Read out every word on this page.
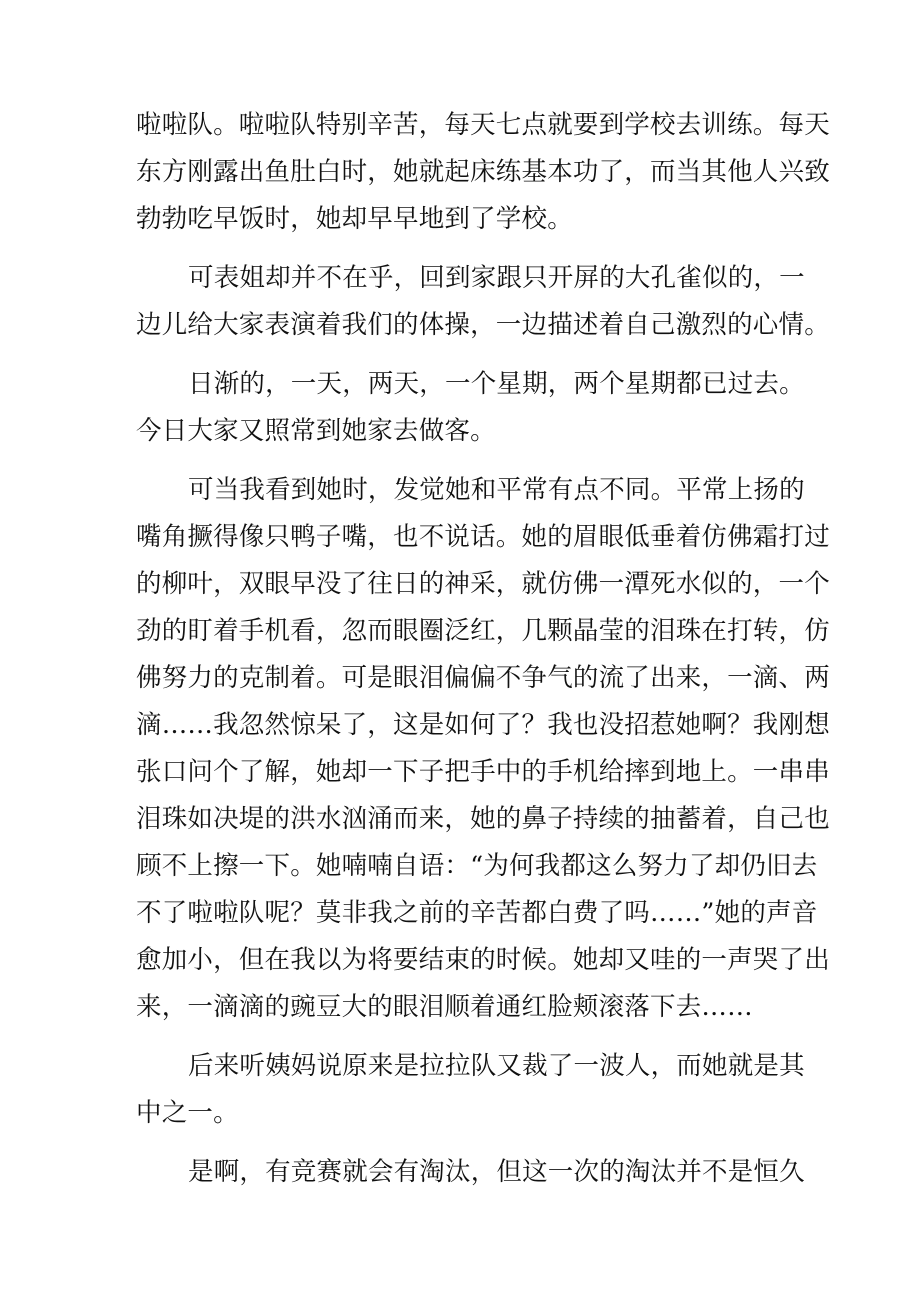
啦啦队。啦啦队特别辛苦，每天七点就要到学校去训练。每天
东方刚露出鱼肚白时，她就起床练基本功了，而当其他人兴致
勃勃吃早饭时，她却早早地到了学校。
可表姐却并不在乎，回到家跟只开屏的大孔雀似的，一
边儿给大家表演着我们的体操，一边描述着自己激烈的心情。
日渐的，一天，两天，一个星期，两个星期都已过去。
今日大家又照常到她家去做客。
可当我看到她时，发觉她和平常有点不同。平常上扬的
嘴角撅得像只鸭子嘴，也不说话。她的眉眼低垂着仿佛霜打过
的柳叶，双眼早没了往日的神采，就仿佛一潭死水似的，一个
劲的盯着手机看，忽而眼圈泛红，几颗晶莹的泪珠在打转，仿
佛努力的克制着。可是眼泪偏偏不争气的流了出来，一滴、两
滴……我忽然惊呆了，这是如何了？我也没招惹她啊？我刚想
张口问个了解，她却一下子把手中的手机给摔到地上。一串串
泪珠如决堤的洪水汹涌而来，她的鼻子持续的抽蓄着，自己也
顾不上擦一下。她喃喃自语：“为何我都这么努力了却仍旧去
不了啦啦队呢？莫非我之前的辛苦都白费了吗……”她的声音
愈加小，但在我以为将要结束的时候。她却又哇的一声哭了出
来，一滴滴的豌豆大的眼泪顺着通红脸颊滚落下去……
后来听姨妈说原来是拉拉队又裁了一波人，而她就是其
中之一。
是啊，有竞赛就会有淘汰，但这一次的淘汰并不是恒久
